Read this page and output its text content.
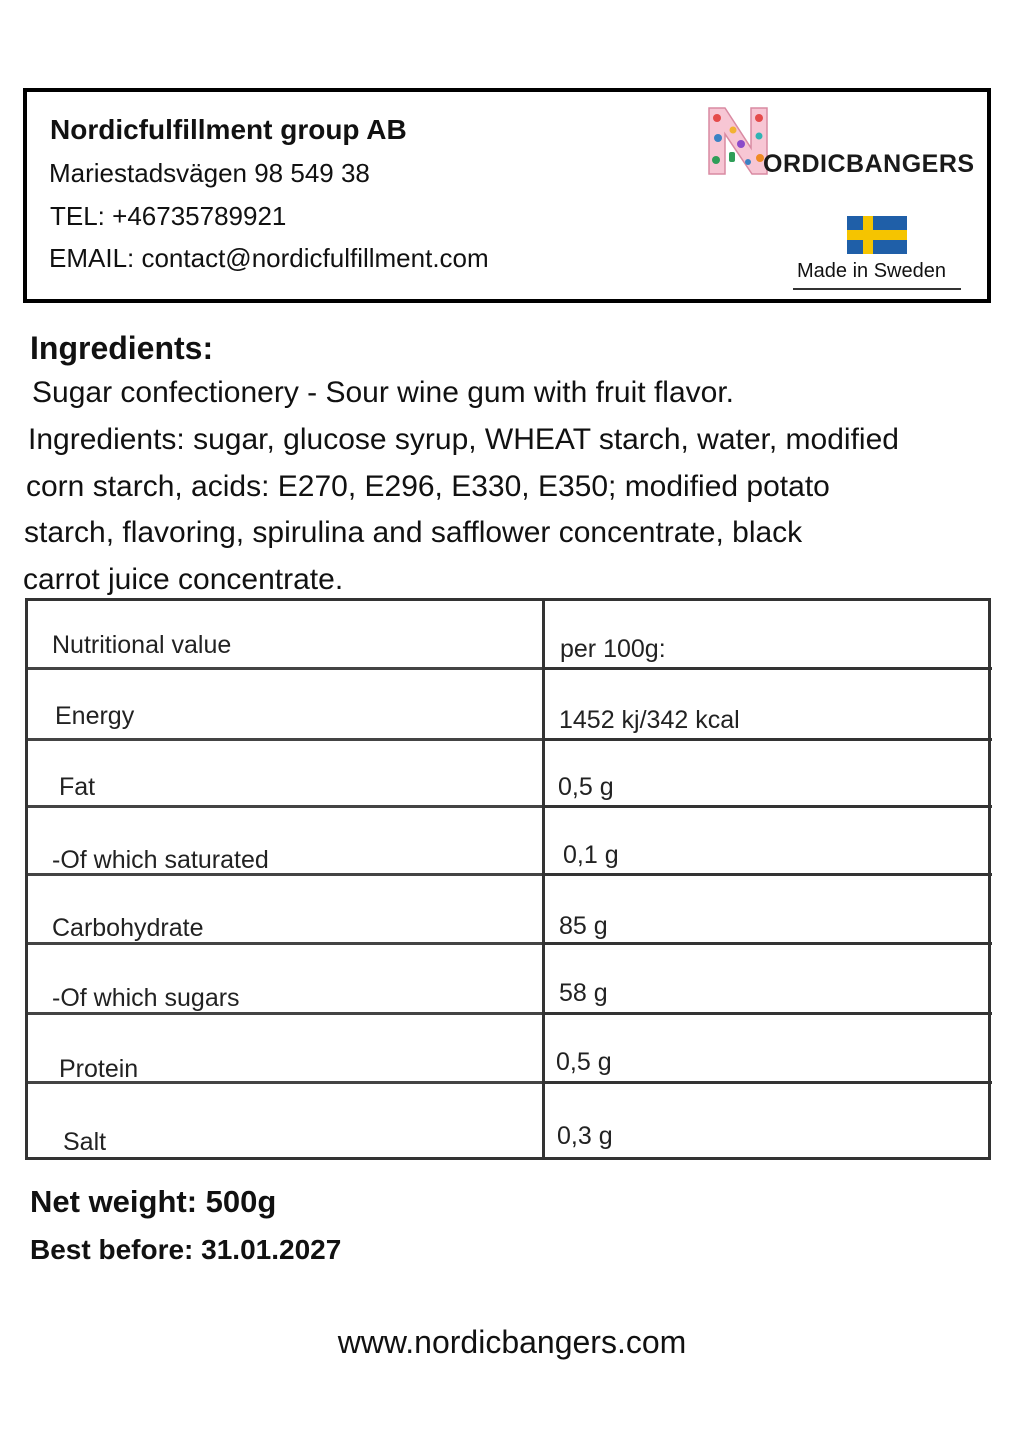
Nordicfulfillment group AB
Mariestadsvägen 98 549 38
TEL: +46735789921
EMAIL: contact@nordicfulfillment.com
ORDICBANGERS
Made in Sweden
Ingredients:
Sugar confectionery - Sour wine gum with fruit flavor.
Ingredients: sugar, glucose syrup, WHEAT starch, water, modified
corn starch, acids: E270, E296, E330, E350; modified potato
starch, flavoring, spirulina and safflower concentrate, black
carrot juice concentrate.
Nutritional value	per 100g:
Energy	1452 kj/342 kcal
Fat	0,5 g
-Of which saturated	0,1 g
Carbohydrate	85 g
-Of which sugars	58 g
Protein	0,5 g
Salt	0,3 g
Net weight: 500g
Best before: 31.01.2027
www.nordicbangers.com
